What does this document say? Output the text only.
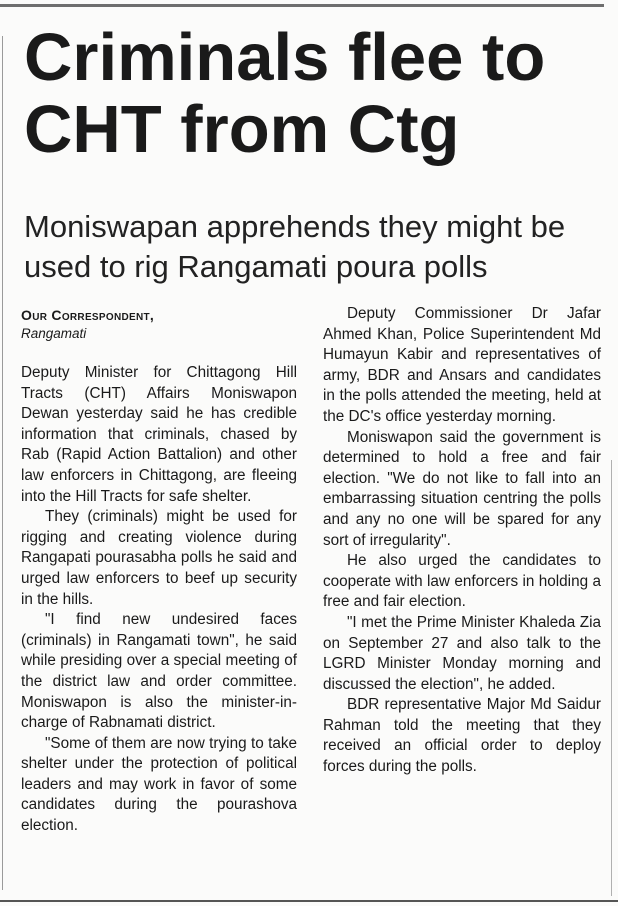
Criminals flee to CHT from Ctg
Moniswapan apprehends they might be used to rig Rangamati poura polls
Our Correspondent,
Rangamati

Deputy Minister for Chittagong Hill Tracts (CHT) Affairs Moniswapon Dewan yesterday said he has credible information that criminals, chased by Rab (Rapid Action Battalion) and other law enforcers in Chittagong, are fleeing into the Hill Tracts for safe shelter.

They (criminals) might be used for rigging and creating violence during Rangapati pourasabha polls he said and urged law enforcers to beef up security in the hills.

"I find new undesired faces (criminals) in Rangamati town", he said while presiding over a special meeting of the district law and order committee. Moniswapon is also the minister-in-charge of Rabnamati district.

"Some of them are now trying to take shelter under the protection of political leaders and may work in favor of some candidates during the pourashova election.

Deputy Commissioner Dr Jafar Ahmed Khan, Police Superintendent Md Humayun Kabir and representatives of army, BDR and Ansars and candidates in the polls attended the meeting, held at the DC's office yesterday morning.

Moniswapon said the government is determined to hold a free and fair election. "We do not like to fall into an embarrassing situation centring the polls and any no one will be spared for any sort of irregularity".

He also urged the candidates to cooperate with law enforcers in holding a free and fair election.

"I met the Prime Minister Khaleda Zia on September 27 and also talk to the LGRD Minister Monday morning and discussed the election", he added.

BDR representative Major Md Saidur Rahman told the meeting that they received an official order to deploy forces during the polls.
